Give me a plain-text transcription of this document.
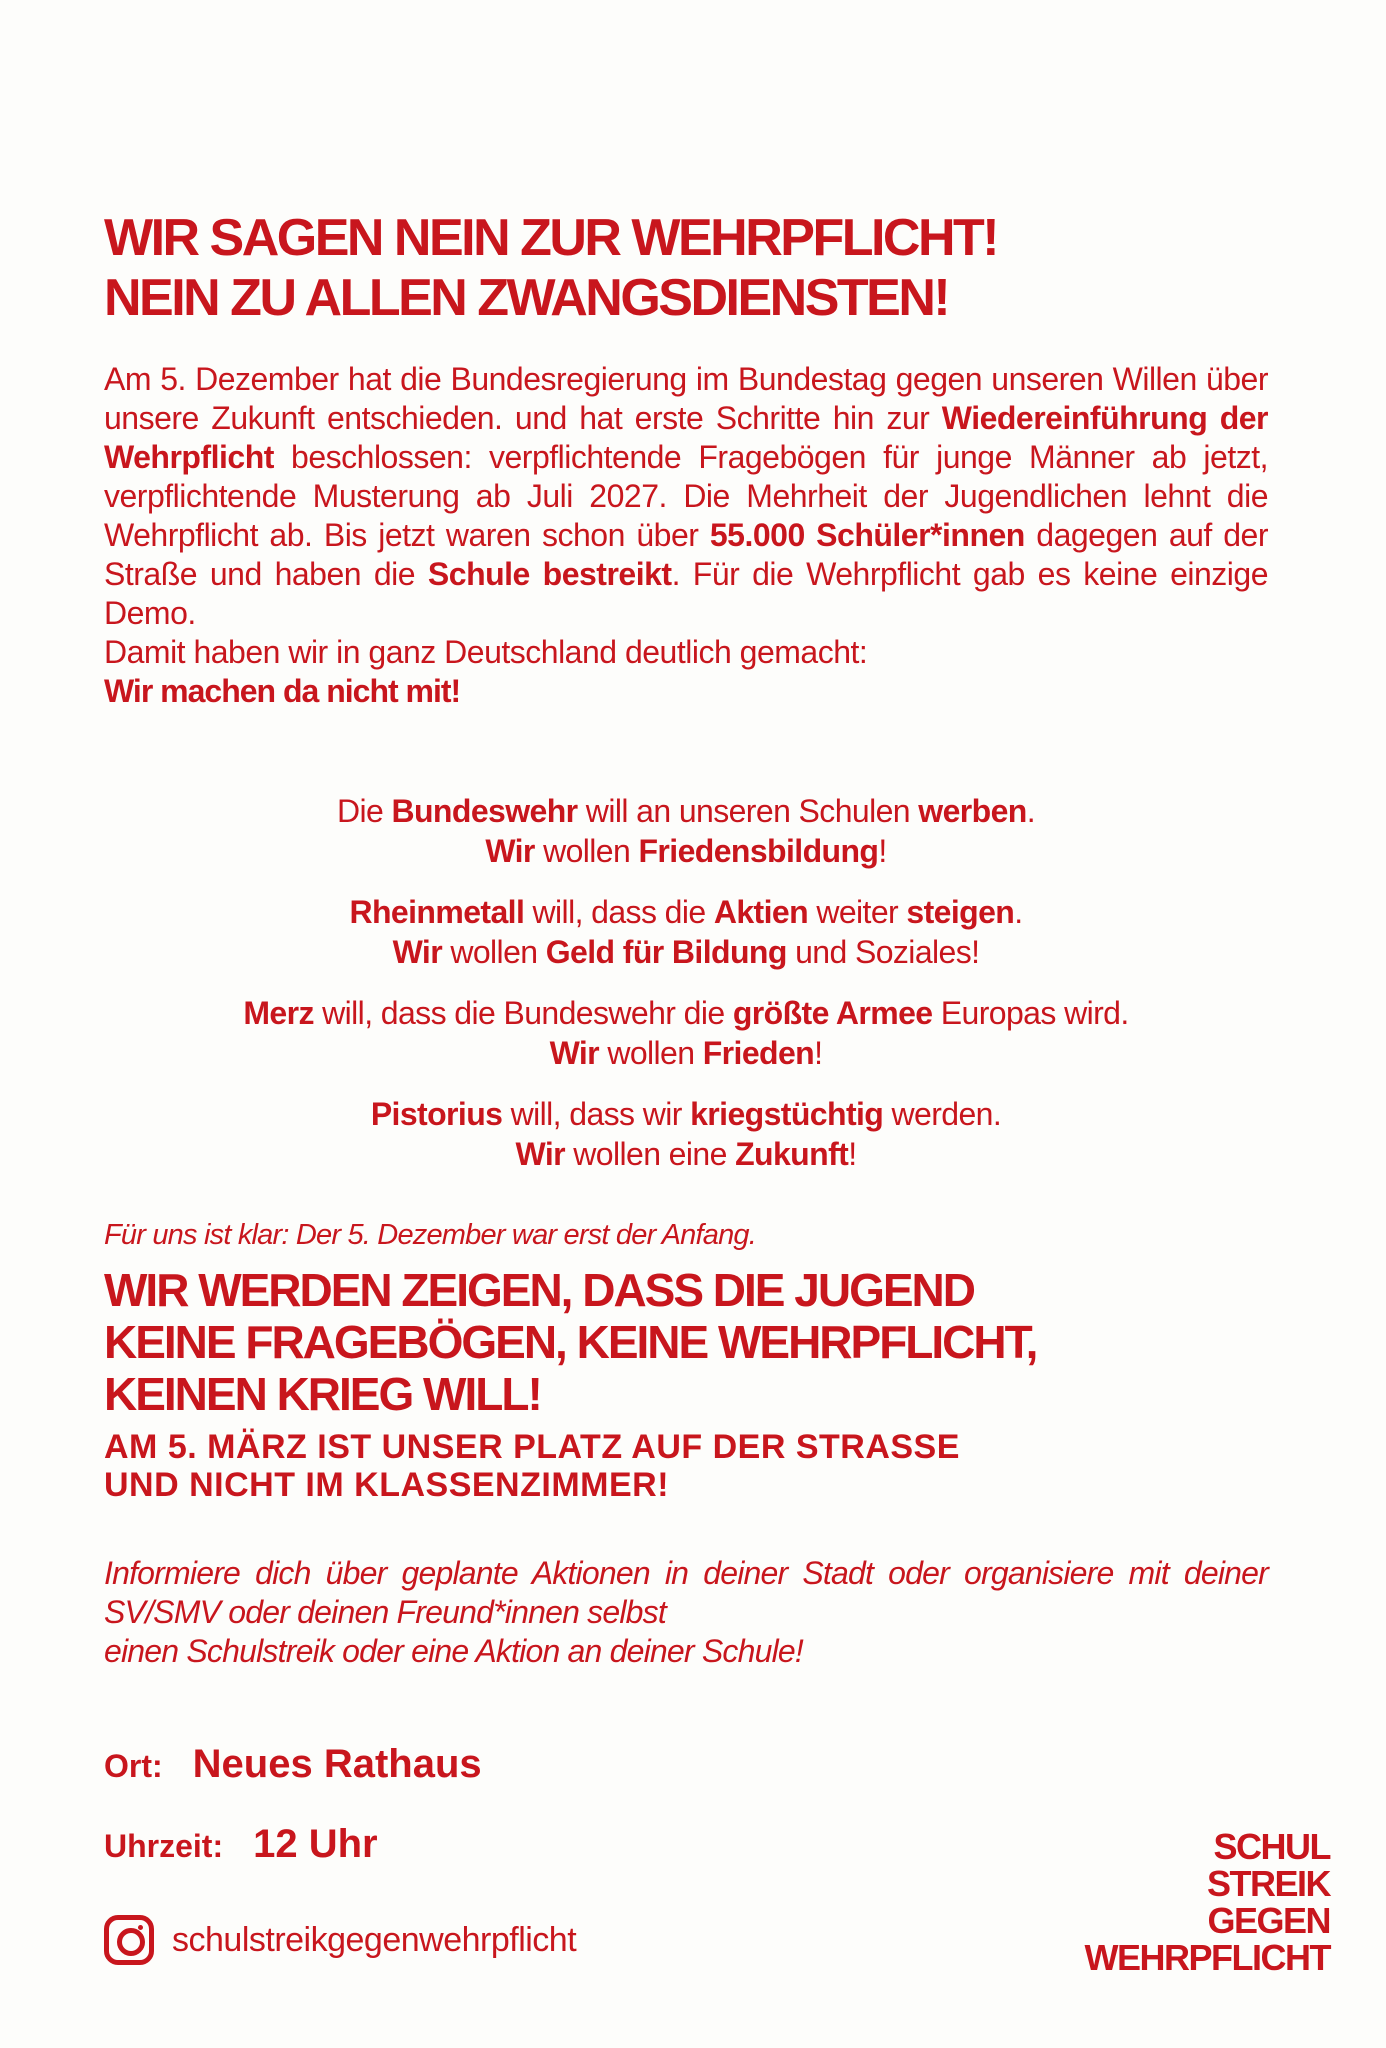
WIR SAGEN NEIN ZUR WEHRPFLICHT!
NEIN ZU ALLEN ZWANGSDIENSTEN!

Am 5. Dezember hat die Bundesregierung im Bundestag gegen unseren Willen über unsere Zukunft entschieden. und hat erste Schritte hin zur Wiedereinführung der Wehrpflicht beschlossen: verpflichtende Fragebögen für junge Männer ab jetzt, verpflichtende Musterung ab Juli 2027. Die Mehrheit der Jugendlichen lehnt die Wehrpflicht ab. Bis jetzt waren schon über 55.000 Schüler*innen dagegen auf der Straße und haben die Schule bestreikt. Für die Wehrpflicht gab es keine einzige Demo.

Damit haben wir in ganz Deutschland deutlich gemacht:

Wir machen da nicht mit!

Die Bundeswehr will an unseren Schulen werben.

Wir wollen Friedensbildung!

Rheinmetall will, dass die Aktien weiter steigen.

Wir wollen Geld für Bildung und Soziales!

Merz will, dass die Bundeswehr die größte Armee Europas wird.

Wir wollen Frieden!

Pistorius will, dass wir kriegstüchtig werden.

Wir wollen eine Zukunft!

Für uns ist klar: Der 5. Dezember war erst der Anfang.
WIR WERDEN ZEIGEN, DASS DIE JUGEND
KEINE FRAGEBÖGEN, KEINE WEHRPFLICHT,
KEINEN KRIEG WILL!
AM 5. MÄRZ IST UNSER PLATZ AUF DER STRASSE
UND NICHT IM KLASSENZIMMER!

Informiere dich über geplante Aktionen in deiner Stadt oder organisiere mit deiner SV/SMV oder deinen Freund*innen selbst

einen Schulstreik oder eine Aktion an deiner Schule!

Ort: Neues Rathaus
Uhrzeit: 12 Uhr
schulstreikgegenwehrpflicht
SCHUL
STREIK
GEGEN
WEHRPFLICHT
